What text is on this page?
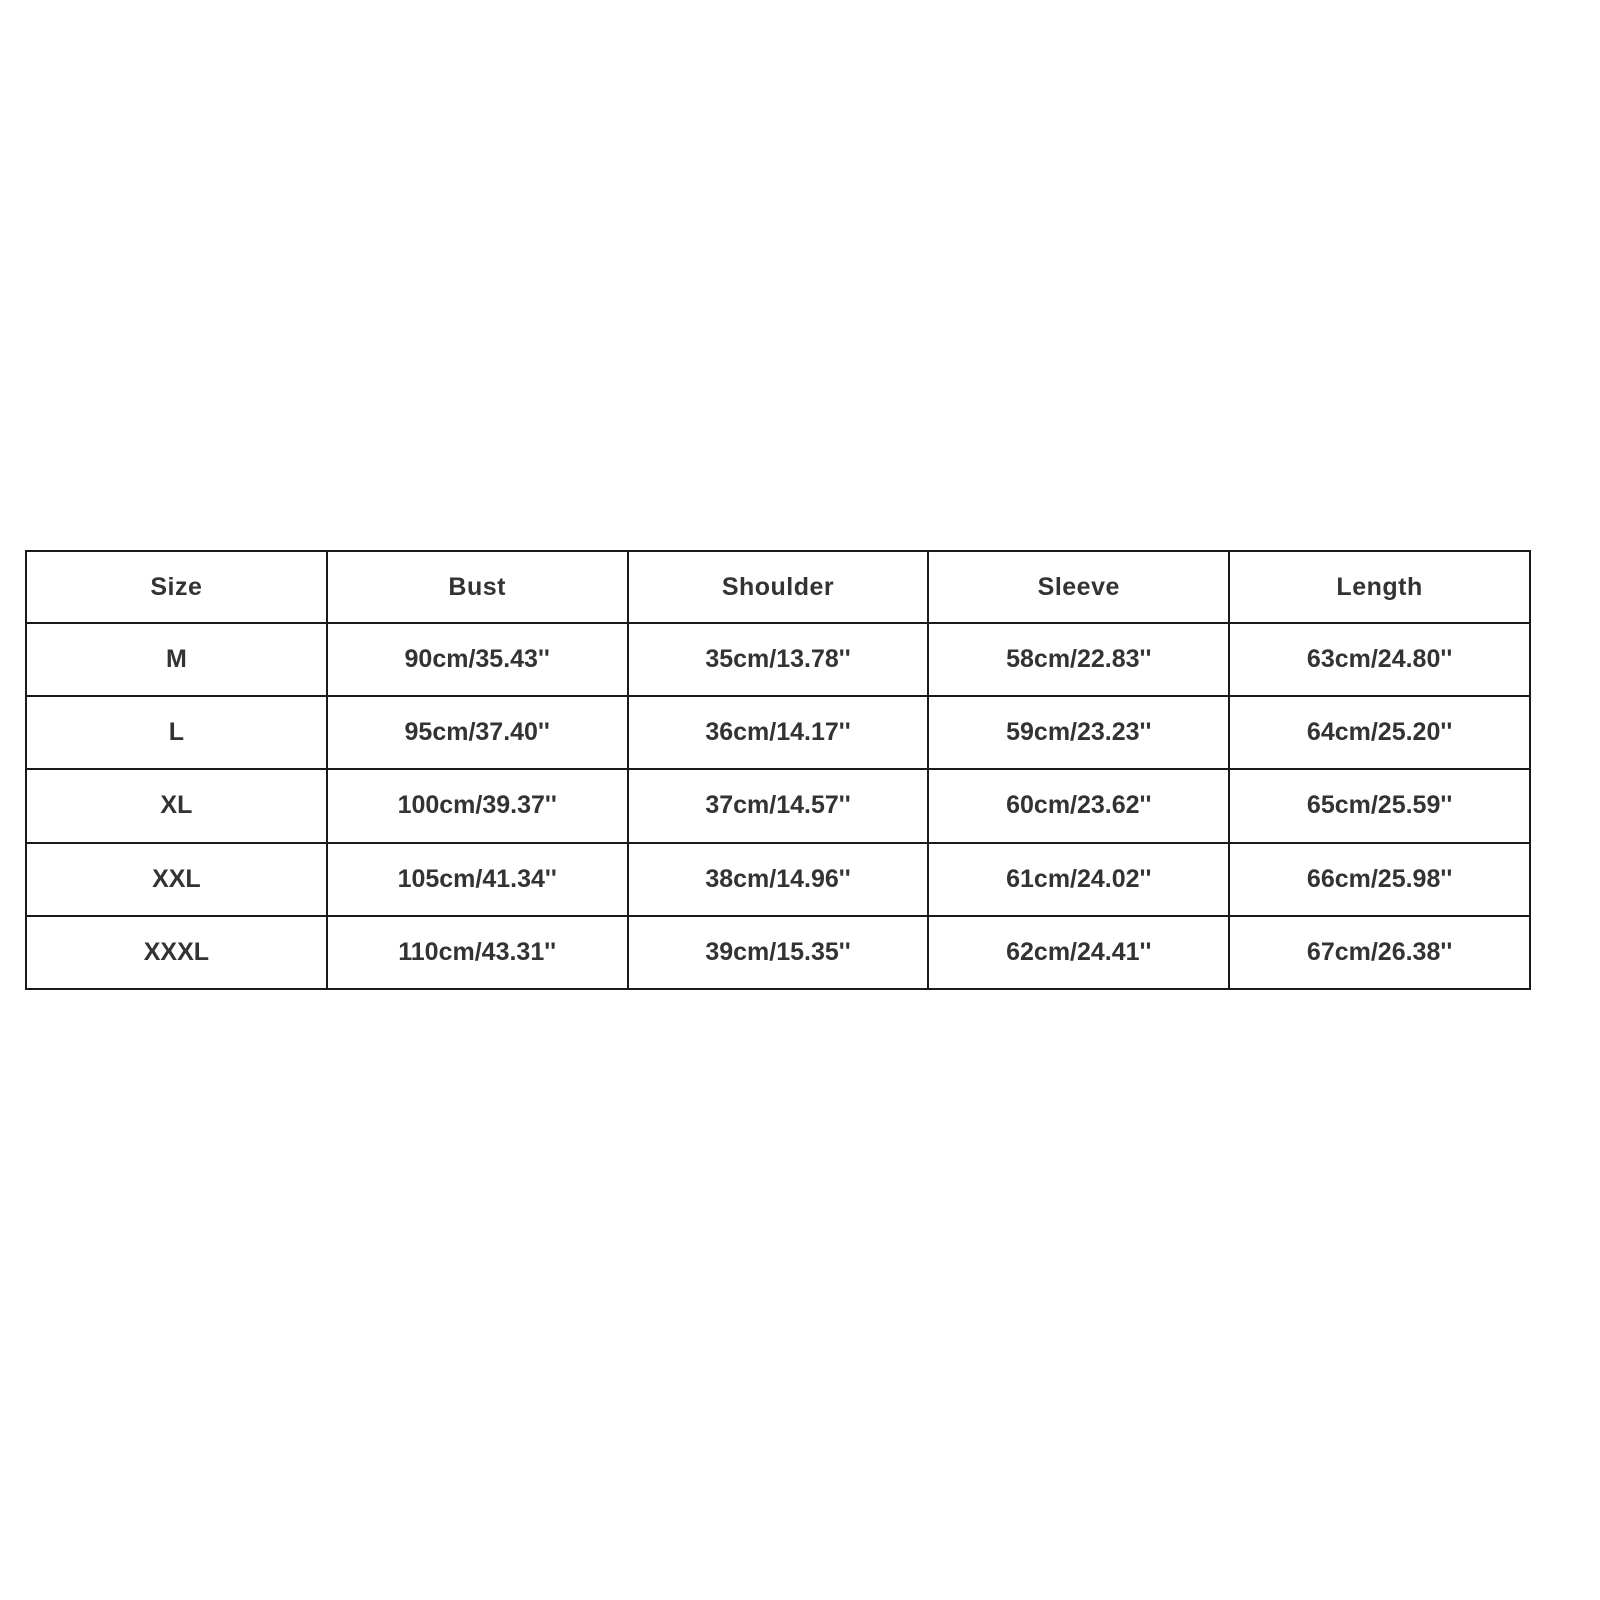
Size	Bust	Shoulder	Sleeve	Length
M	90cm/35.43''	35cm/13.78''	58cm/22.83''	63cm/24.80''
L	95cm/37.40''	36cm/14.17''	59cm/23.23''	64cm/25.20''
XL	100cm/39.37''	37cm/14.57''	60cm/23.62''	65cm/25.59''
XXL	105cm/41.34''	38cm/14.96''	61cm/24.02''	66cm/25.98''
XXXL	110cm/43.31''	39cm/15.35''	62cm/24.41''	67cm/26.38''
